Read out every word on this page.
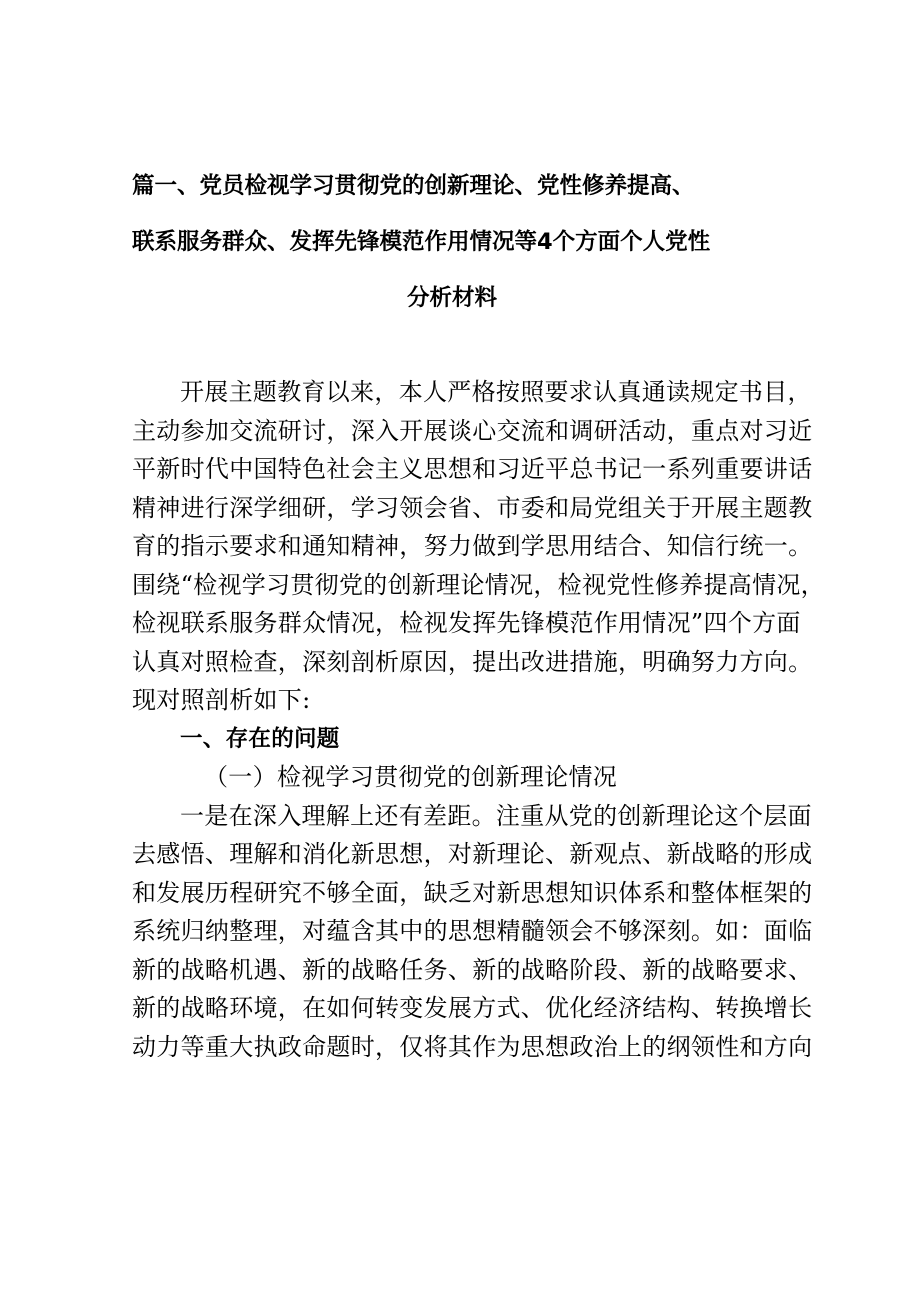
篇一、党员检视学习贯彻党的创新理论、党性修养提高、
联系服务群众、发挥先锋模范作用情况等4个方面个人党性
分析材料
开展主题教育以来，本人严格按照要求认真通读规定书目，
主动参加交流研讨，深入开展谈心交流和调研活动，重点对习近
平新时代中国特色社会主义思想和习近平总书记一系列重要讲话
精神进行深学细研，学习领会省、市委和局党组关于开展主题教
育的指示要求和通知精神，努力做到学思用结合、知信行统一。
围绕“检视学习贯彻党的创新理论情况，检视党性修养提高情况，
检视联系服务群众情况，检视发挥先锋模范作用情况”四个方面
认真对照检查，深刻剖析原因，提出改进措施，明确努力方向。
现对照剖析如下:
一、存在的问题
（一）检视学习贯彻党的创新理论情况
一是在深入理解上还有差距。注重从党的创新理论这个层面
去感悟、理解和消化新思想，对新理论、新观点、新战略的形成
和发展历程研究不够全面，缺乏对新思想知识体系和整体框架的
系统归纳整理，对蕴含其中的思想精髓领会不够深刻。如：面临
新的战略机遇、新的战略任务、新的战略阶段、新的战略要求、
新的战略环境，在如何转变发展方式、优化经济结构、转换增长
动力等重大执政命题时，仅将其作为思想政治上的纲领性和方向
